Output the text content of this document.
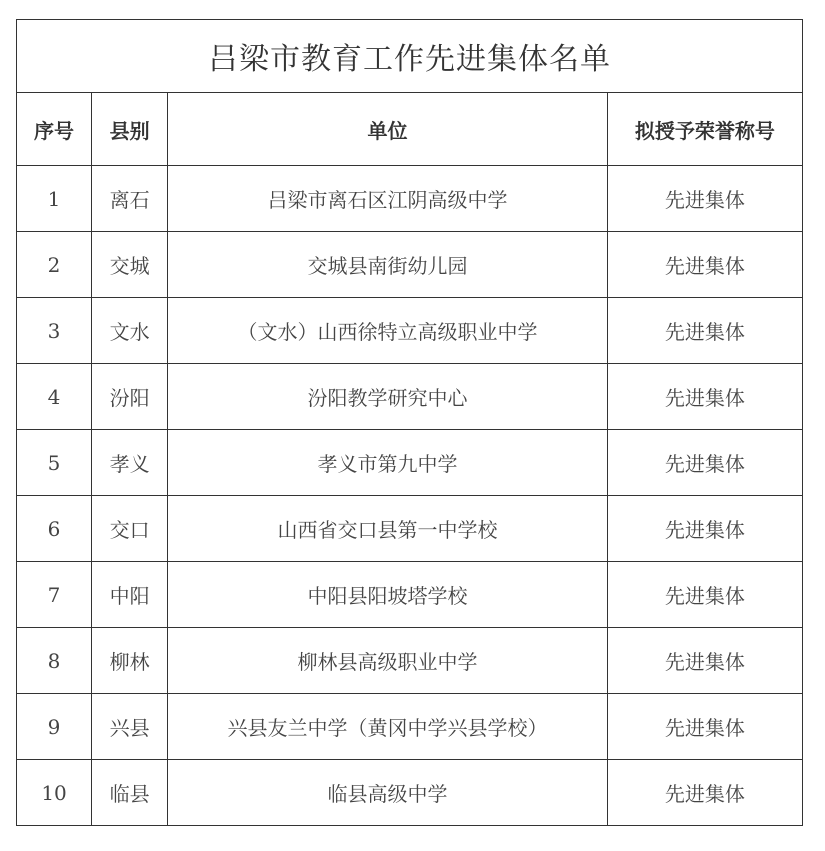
吕梁市教育工作先进集体名单			
序号	县别	单位	拟授予荣誉称号
1	离石	吕梁市离石区江阴高级中学	先进集体
2	交城	交城县南街幼儿园	先进集体
3	文水	（文水）山西徐特立高级职业中学	先进集体
4	汾阳	汾阳教学研究中心	先进集体
5	孝义	孝义市第九中学	先进集体
6	交口	山西省交口县第一中学校	先进集体
7	中阳	中阳县阳坡塔学校	先进集体
8	柳林	柳林县高级职业中学	先进集体
9	兴县	兴县友兰中学（黄冈中学兴县学校）	先进集体
10	临县	临县高级中学	先进集体
